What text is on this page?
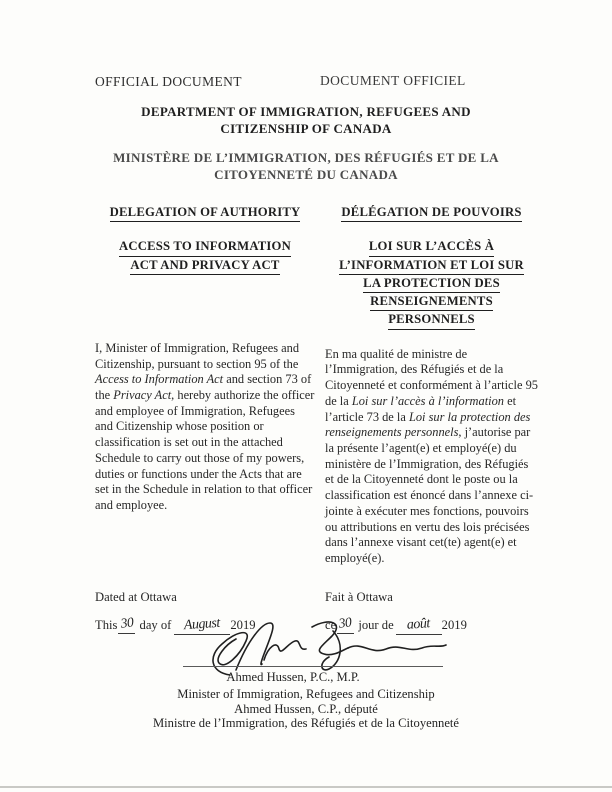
OFFICIAL DOCUMENT	DOCUMENT OFFICIEL
DEPARTMENT OF IMMIGRATION, REFUGEES AND
CITIZENSHIP OF CANADA
MINISTÈRE DE L’IMMIGRATION, DES RÉFUGIÉS ET DE LA
CITOYENNETÉ DU CANADA
DELEGATION OF AUTHORITY
ACCESS TO INFORMATION
ACT AND PRIVACY ACT

I, Minister of Immigration, Refugees and Citizenship, pursuant to section 95 of the Access to Information Act and section 73 of the Privacy Act, hereby authorize the officer and employee of Immigration, Refugees and Citizenship whose position or classification is set out in the attached Schedule to carry out those of my powers, duties or functions under the Acts that are set in the Schedule in relation to that officer and employee.

DÉLÉGATION DE POUVOIRS
LOI SUR L’ACCÈS À
L’INFORMATION ET LOI SUR
LA PROTECTION DES
RENSEIGNEMENTS
PERSONNELS

En ma qualité de ministre de l’Immigration, des Réfugiés et de la Citoyenneté et conformément à l’article 95 de la Loi sur l’accès à l’information et l’article 73 de la Loi sur la protection des renseignements personnels, j’autorise par la présente l’agent(e) et employé(e) du ministère de l’Immigration, des Réfugiés et de la Citoyenneté dont le poste ou la classification est énoncé dans l’annexe ci-jointe à exécuter mes fonctions, pouvoirs ou attributions en vertu des lois précisées dans l’annexe visant cet(te) agent(e) et employé(e).

Dated at Ottawa	Fait à Ottawa
This 30 day of August 2019	ce 30 jour de août 2019
Ahmed Hussen, P.C., M.P.
Minister of Immigration, Refugees and Citizenship
Ahmed Hussen, C.P., député
Ministre de l’Immigration, des Réfugiés et de la Citoyenneté
